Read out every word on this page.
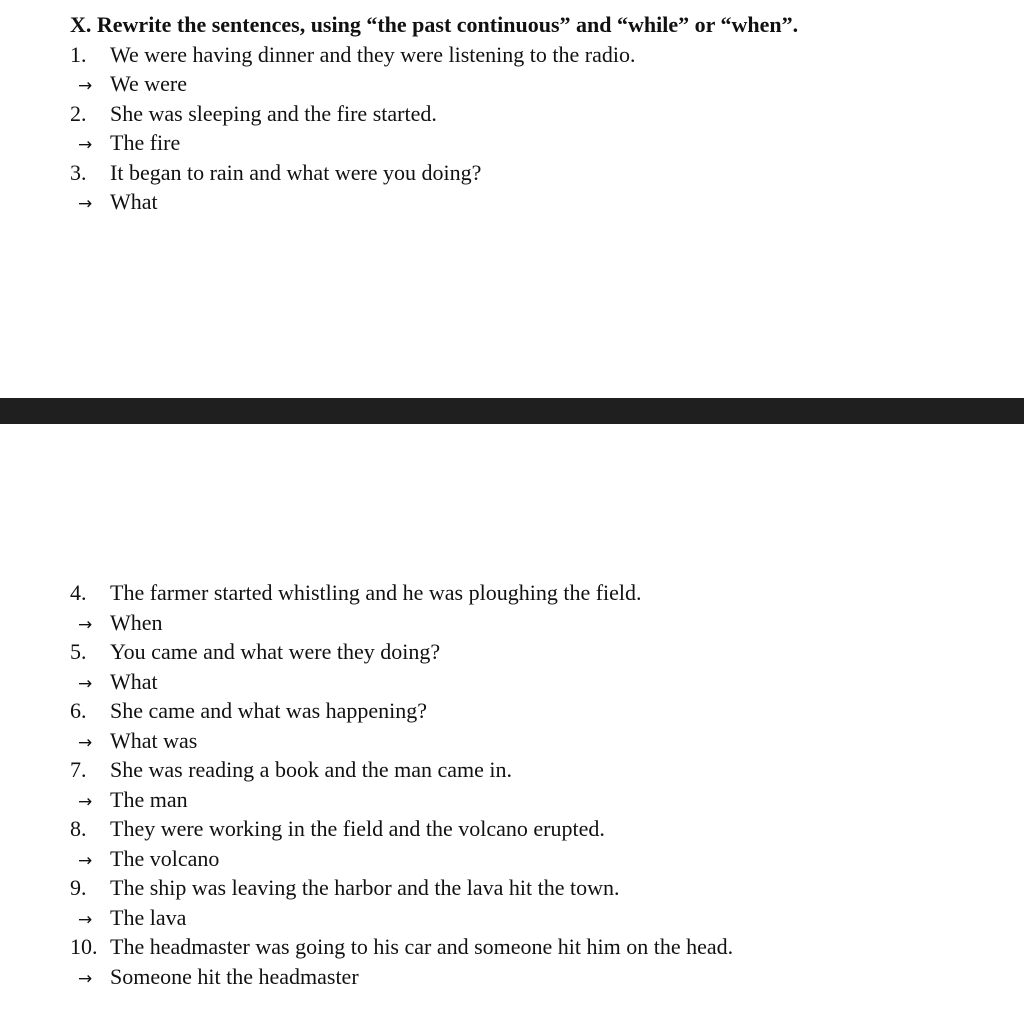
X. Rewrite the sentences, using “the past continuous” and “while” or “when”.
1. We were having dinner and they were listening to the radio.
→ We were
2. She was sleeping and the fire started.
→ The fire
3. It began to rain and what were you doing?
→ What
4. The farmer started whistling and he was ploughing the field.
→ When
5. You came and what were they doing?
→ What
6. She came and what was happening?
→ What was
7. She was reading a book and the man came in.
→ The man
8. They were working in the field and the volcano erupted.
→ The volcano
9. The ship was leaving the harbor and the lava hit the town.
→ The lava
10. The headmaster was going to his car and someone hit him on the head.
→ Someone hit the headmaster
